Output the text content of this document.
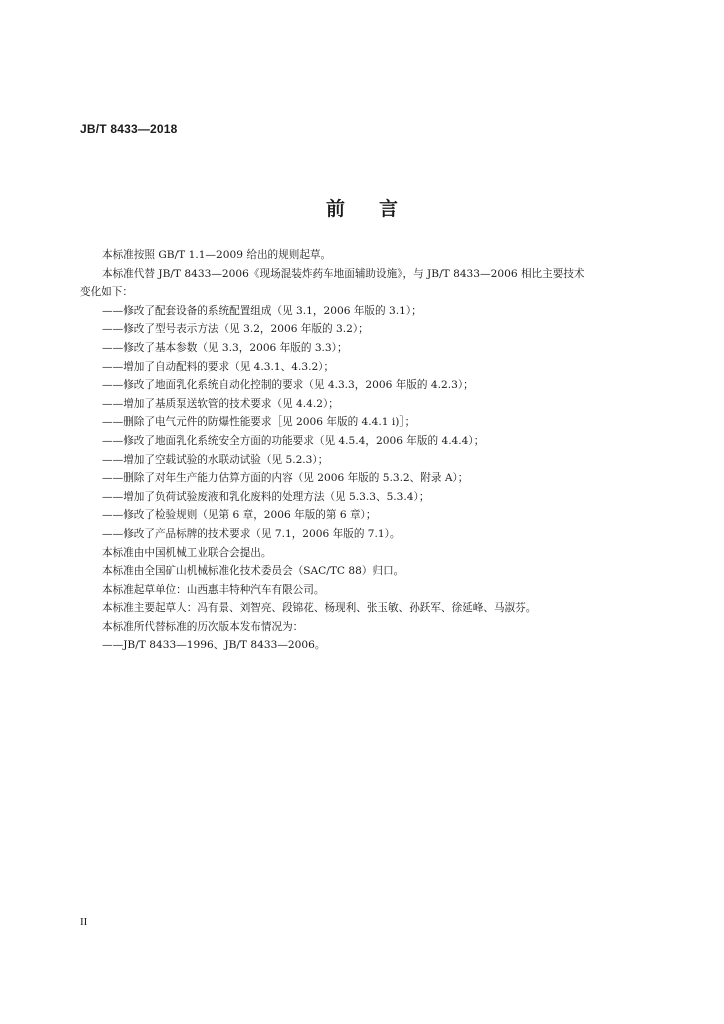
JB/T 8433—2018
前言

本标准按照 GB/T 1.1—2009 给出的规则起草。

本标准代替 JB/T 8433—2006《现场混装炸药车地面辅助设施》，与 JB/T 8433—2006 相比主要技术

变化如下：

——修改了配套设备的系统配置组成（见 3.1，2006 年版的 3.1）；

——修改了型号表示方法（见 3.2，2006 年版的 3.2）；

——修改了基本参数（见 3.3，2006 年版的 3.3）；

——增加了自动配料的要求（见 4.3.1、4.3.2）；

——修改了地面乳化系统自动化控制的要求（见 4.3.3，2006 年版的 4.2.3）；

——增加了基质泵送软管的技术要求（见 4.4.2）；

——删除了电气元件的防爆性能要求［见 2006 年版的 4.4.1 i)］；

——修改了地面乳化系统安全方面的功能要求（见 4.5.4，2006 年版的 4.4.4）；

——增加了空载试验的水联动试验（见 5.2.3）；

——删除了对年生产能力估算方面的内容（见 2006 年版的 5.3.2、附录 A）；

——增加了负荷试验废液和乳化废料的处理方法（见 5.3.3、5.3.4）；

——修改了检验规则（见第 6 章，2006 年版的第 6 章）；

——修改了产品标牌的技术要求（见 7.1，2006 年版的 7.1）。

本标准由中国机械工业联合会提出。

本标准由全国矿山机械标准化技术委员会（SAC/TC 88）归口。

本标准起草单位：山西惠丰特种汽车有限公司。

本标准主要起草人：冯有景、刘智亮、段锦花、杨现利、张玉敏、孙跃军、徐延峰、马淑芬。

本标准所代替标准的历次版本发布情况为：

——JB/T 8433—1996、JB/T 8433—2006。

II
